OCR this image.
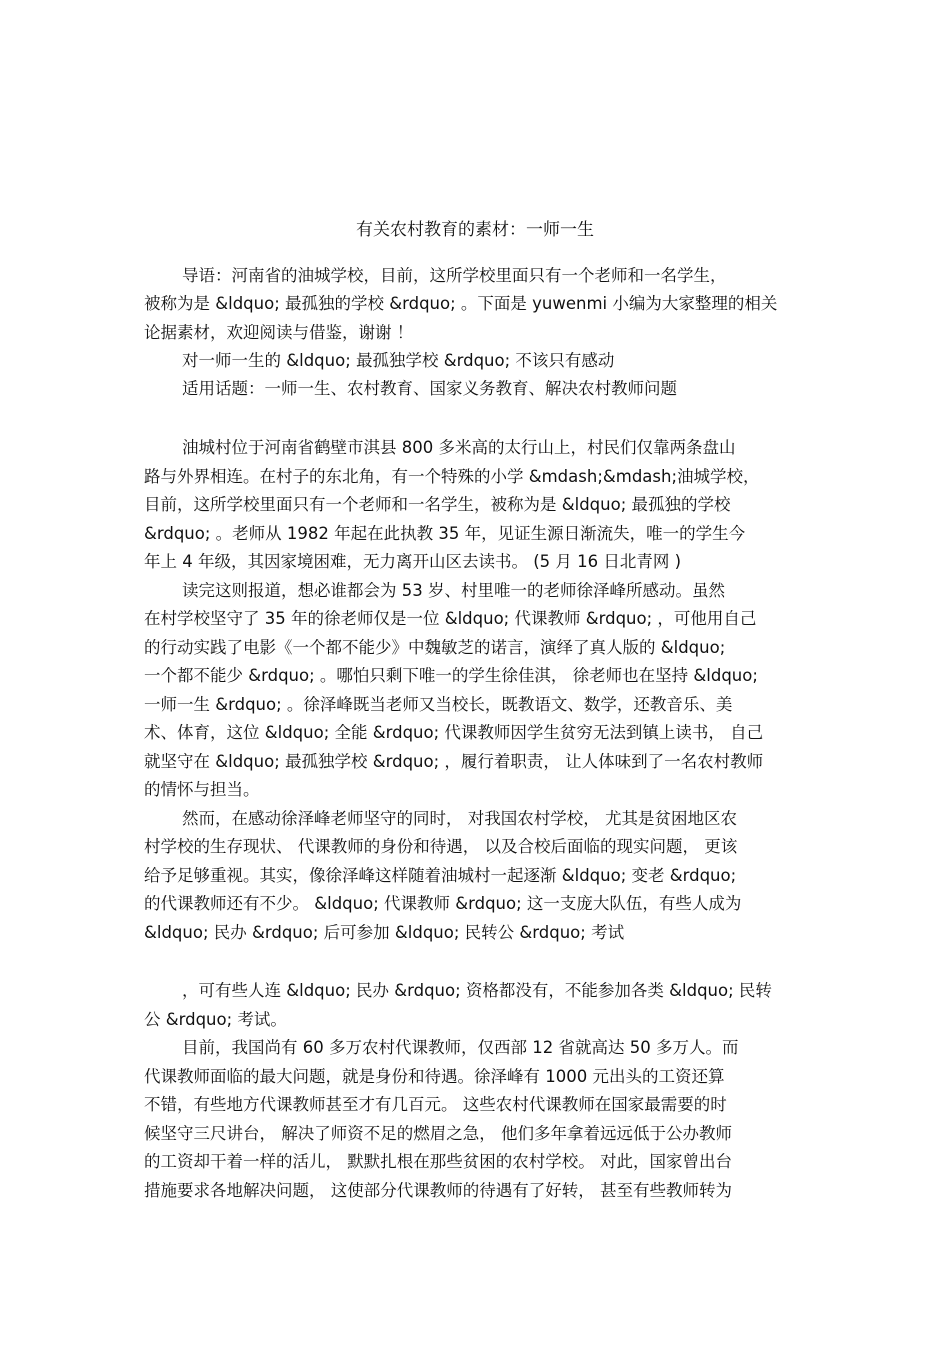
有关农村教育的素材：一师一生
导语：河南省的油城学校，目前，这所学校里面只有一个老师和一名学生，
被称为是 &ldquo; 最孤独的学校 &rdquo; 。下面是 yuwenmi 小编为大家整理的相关
论据素材，欢迎阅读与借鉴，谢谢 ！
对一师一生的 &ldquo; 最孤独学校 &rdquo; 不该只有感动
适用话题：一师一生、农村教育、国家义务教育、解决农村教师问题
油城村位于河南省鹤壁市淇县 800 多米高的太行山上，村民们仅靠两条盘山
路与外界相连。在村子的东北角，有一个特殊的小学 &mdash;&mdash;油城学校，
目前，这所学校里面只有一个老师和一名学生，被称为是 &ldquo; 最孤独的学校
&rdquo; 。老师从 1982 年起在此执教 35 年，见证生源日渐流失，唯一的学生今
年上 4 年级，其因家境困难，无力离开山区去读书。 (5 月 16 日北青网 )
读完这则报道，想必谁都会为 53 岁、村里唯一的老师徐泽峰所感动。虽然
在村学校坚守了 35 年的徐老师仅是一位 &ldquo; 代课教师 &rdquo; ，可他用自己
的行动实践了电影《一个都不能少》中魏敏芝的诺言，演绎了真人版的 &ldquo;
一个都不能少 &rdquo; 。哪怕只剩下唯一的学生徐佳淇， 徐老师也在坚持 &ldquo;
一师一生 &rdquo; 。徐泽峰既当老师又当校长，既教语文、数学，还教音乐、美
术、体育，这位 &ldquo; 全能 &rdquo; 代课教师因学生贫穷无法到镇上读书， 自己
就坚守在 &ldquo; 最孤独学校 &rdquo; ，履行着职责， 让人体味到了一名农村教师
的情怀与担当。
然而，在感动徐泽峰老师坚守的同时， 对我国农村学校， 尤其是贫困地区农
村学校的生存现状、 代课教师的身份和待遇， 以及合校后面临的现实问题， 更该
给予足够重视。其实，像徐泽峰这样随着油城村一起逐渐 &ldquo; 变老 &rdquo;
的代课教师还有不少。 &ldquo; 代课教师 &rdquo; 这一支庞大队伍，有些人成为
&ldquo; 民办 &rdquo; 后可参加 &ldquo; 民转公 &rdquo; 考试
，可有些人连 &ldquo; 民办 &rdquo; 资格都没有，不能参加各类 &ldquo; 民转
公 &rdquo; 考试。
目前，我国尚有 60 多万农村代课教师，仅西部 12 省就高达 50 多万人。而
代课教师面临的最大问题，就是身份和待遇。徐泽峰有 1000 元出头的工资还算
不错，有些地方代课教师甚至才有几百元。 这些农村代课教师在国家最需要的时
候坚守三尺讲台， 解决了师资不足的燃眉之急， 他们多年拿着远远低于公办教师
的工资却干着一样的活儿， 默默扎根在那些贫困的农村学校。 对此，国家曾出台
措施要求各地解决问题， 这使部分代课教师的待遇有了好转， 甚至有些教师转为
